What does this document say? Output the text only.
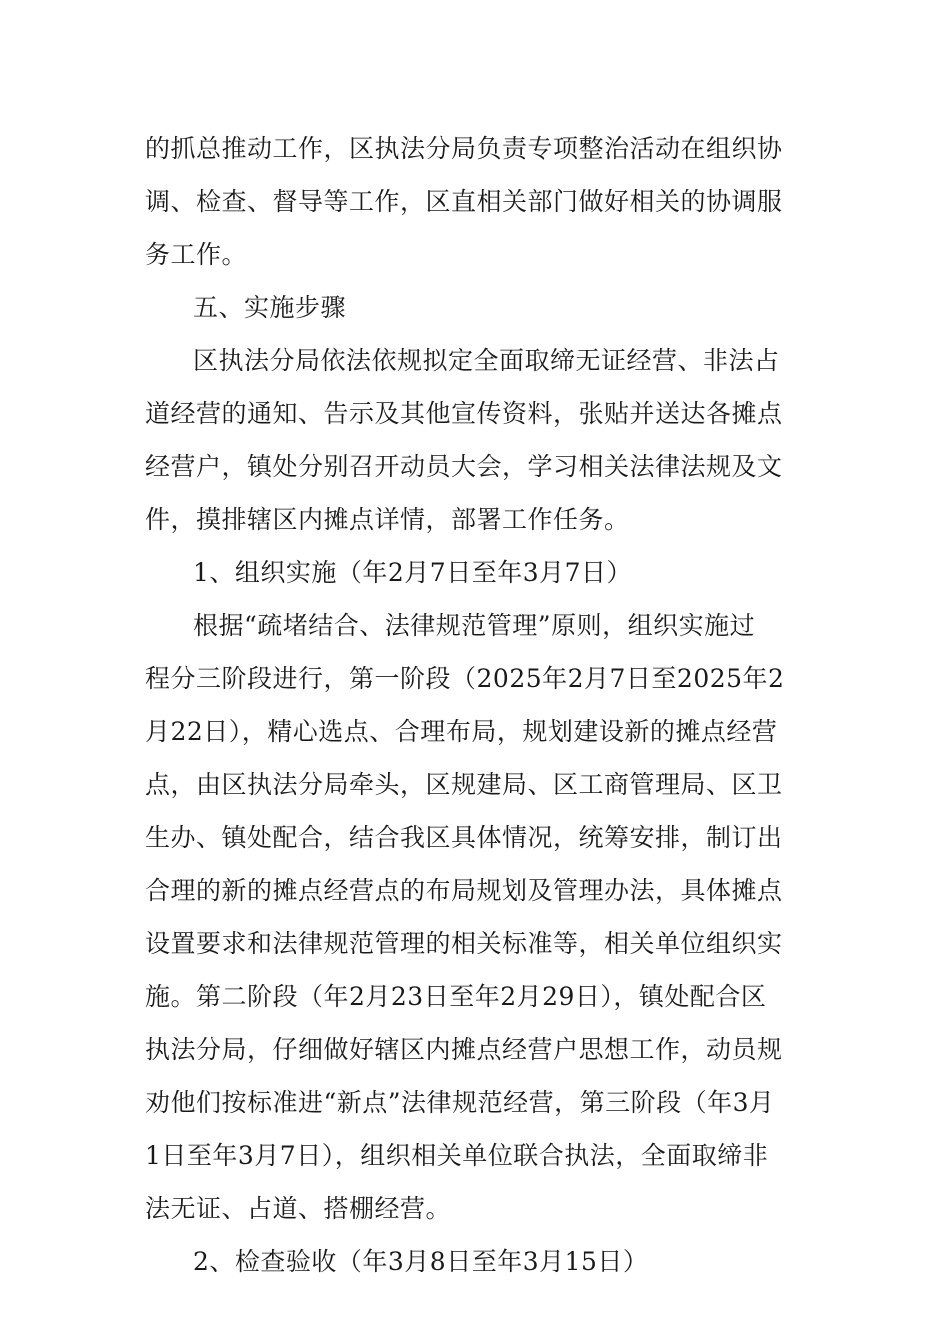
的抓总推动工作，区执法分局负责专项整治活动在组织协
调、检查、督导等工作，区直相关部门做好相关的协调服
务工作。
五、实施步骤
区执法分局依法依规拟定全面取缔无证经营、非法占
道经营的通知、告示及其他宣传资料，张贴并送达各摊点
经营户，镇处分别召开动员大会，学习相关法律法规及文
件，摸排辖区内摊点详情，部署工作任务。
1、组织实施（年2月7日至年3月7日）
根据“疏堵结合、法律规范管理”原则，组织实施过
程分三阶段进行，第一阶段（2025年2月7日至2025年2
月22日），精心选点、合理布局，规划建设新的摊点经营
点，由区执法分局牵头，区规建局、区工商管理局、区卫
生办、镇处配合，结合我区具体情况，统筹安排，制订出
合理的新的摊点经营点的布局规划及管理办法，具体摊点
设置要求和法律规范管理的相关标准等，相关单位组织实
施。第二阶段（年2月23日至年2月29日），镇处配合区
执法分局，仔细做好辖区内摊点经营户思想工作，动员规
劝他们按标准进“新点”法律规范经营，第三阶段（年3月
1日至年3月7日），组织相关单位联合执法，全面取缔非
法无证、占道、搭棚经营。
2、检查验收（年3月8日至年3月15日）
